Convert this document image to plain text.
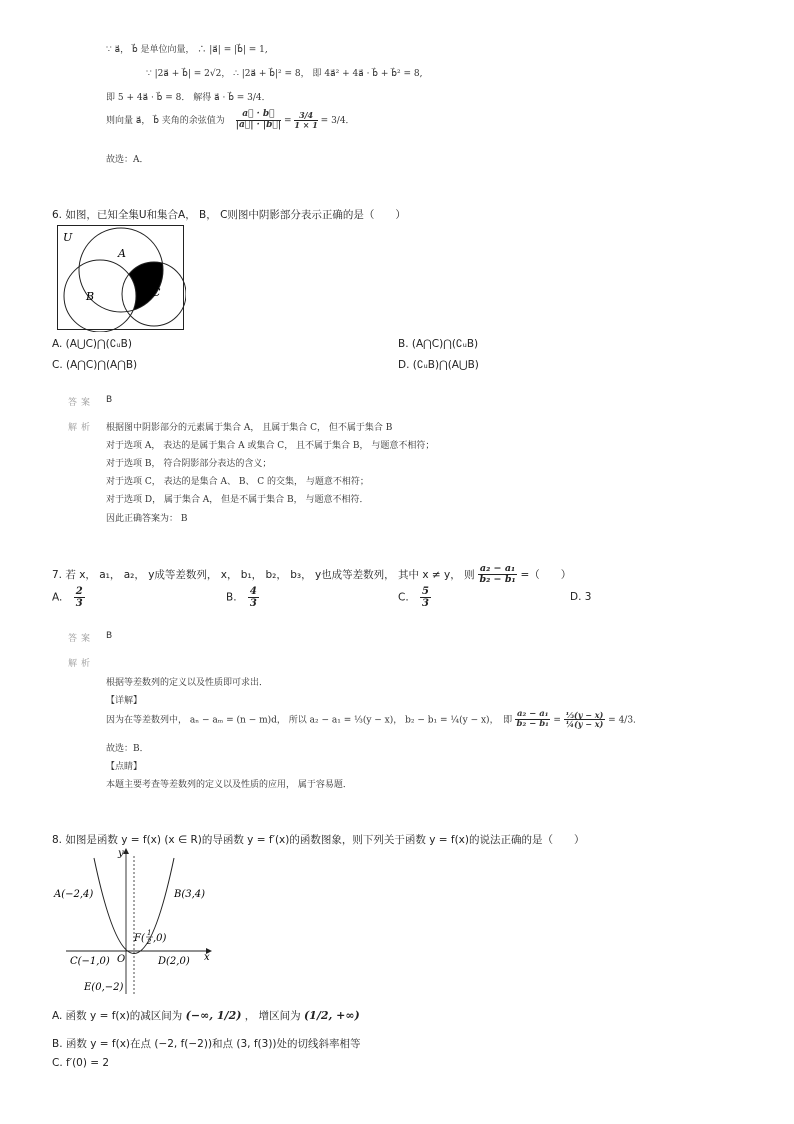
∵ a⃗， b⃗ 是单位向量， ∴ |a⃗| = |b⃗| = 1,
∵ |2a⃗ + b⃗| = 2√2， ∴ |2a⃗ + b⃗|² = 8， 即 4a⃗² + 4a⃗ · b⃗ + b⃗² = 8,
即 5 + 4a⃗ · b⃗ = 8． 解得 a⃗ · b⃗ = 3/4．
则向量 a⃗， b⃗ 夹角的余弦值为 $\frac{a⃗ \cdot b⃗}{|a⃗| \cdot |b⃗|} = \frac{3/4}{1 \times 1} = 3/4$．
故选：A．
6. 如图，已知全集U和集合A， B， C则图中阴影部分表示正确的是（　　）
U
A
B	C
A. (A⋃C)⋂(∁ᵤB)	B. (A⋂C)⋂(∁ᵤB)
C. (A⋂C)⋂(A⋂B)	D. (∁ᵤB)⋂(A⋃B)
答案 B
解析 根据图中阴影部分的元素属于集合 A， 且属于集合 C， 但不属于集合 B
对于选项 A， 表达的是属于集合 A 或集合 C， 且不属于集合 B， 与题意不相符；
对于选项 B， 符合阴影部分表达的含义；
对于选项 C， 表达的是集合 A、 B、 C 的交集， 与题意不相符；
对于选项 D， 属于集合 A， 但是不属于集合 B， 与题意不相符．
因此正确答案为： B
7. 若 x， a₁， a₂， y成等差数列， x， b₁， b₂， b₃， y也成等差数列， 其中 x ≠ y， 则 $\frac{\text{a₂ − a₁}}{\text{b₂ − b₁}}$ =（　　）
A. $\frac{2}{3}$	B. $\frac{4}{3}$	C. $\frac{5}{3}$	D. 3
答案 B
解析
根据等差数列的定义以及性质即可求出．
【详解】
因为在等差数列中， aₙ − aₘ = (n − m)d， 所以 a₂ − a₁ = ⅓(y − x)， b₂ − b₁ = ¼(y − x)，　即 $\frac{\text{a₂ − a₁}}{\text{b₂ − b₁}} = \frac{\text{⅓(y − x)}}{\text{¼(y − x)}} = 4/3$．
故选：B．
【点睛】
本题主要考查等差数列的定义以及性质的应用， 属于容易题．
8. 如图是函数 y = f(x) (x ∈ R)的导函数 y = f′(x)的函数图象，则下列关于函数 y = f(x)的说法正确的是（　　）
y
x
O
A(−2,4)	B(3,4)
C(−1,0)	D(2,0)
E(0,−2)
F( 1
2 ,0)
A. 函数 y = f(x)的减区间为 (−∞, 1/2) ， 增区间为 (1/2, +∞)
B. 函数 y = f(x)在点 (−2, f(−2))和点 (3, f(3))处的切线斜率相等
C. f′(0) = 2
